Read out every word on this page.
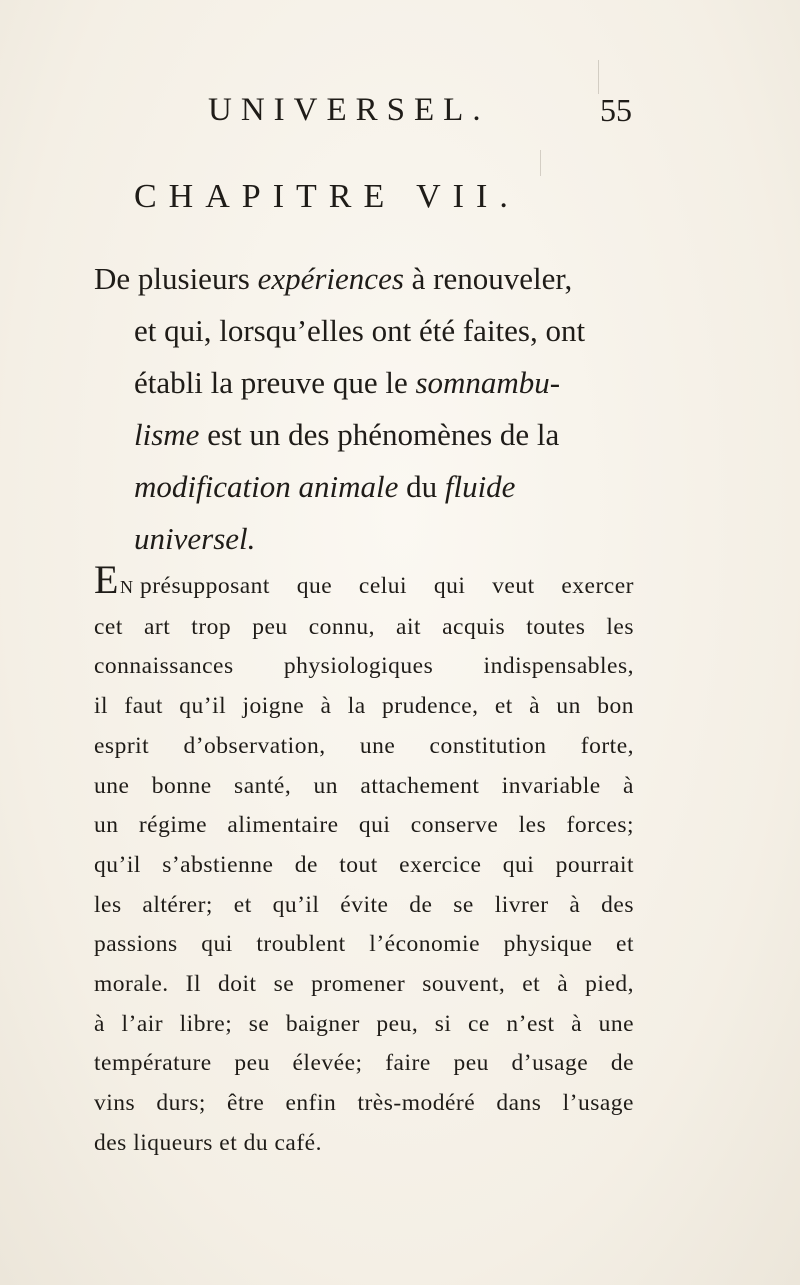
UNIVERSEL.	55
CHAPITRE VII.
De plusieurs expériences à renouveler,
et qui, lorsqu’elles ont été faites, ont
établi la preuve que le somnambu-
lisme est un des phénomènes de la
modification animale du fluide
universel.
EN présupposant que celui qui veut exercer
cet art trop peu connu, ait acquis toutes les
connaissances physiologiques indispensables,
il faut qu’il joigne à la prudence, et à un bon
esprit d’observation, une constitution forte,
une bonne santé, un attachement invariable à
un régime alimentaire qui conserve les forces;
qu’il s’abstienne de tout exercice qui pourrait
les altérer; et qu’il évite de se livrer à des
passions qui troublent l’économie physique et
morale. Il doit se promener souvent, et à pied,
à l’air libre; se baigner peu, si ce n’est à une
température peu élevée; faire peu d’usage de
vins durs; être enfin très-modéré dans l’usage
des liqueurs et du café.
